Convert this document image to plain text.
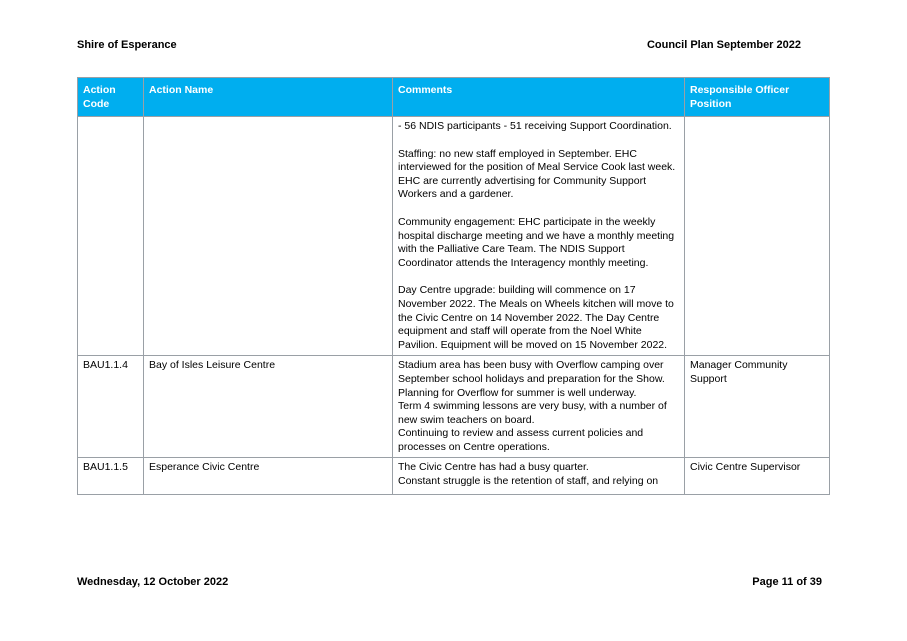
Shire of Esperance	Council Plan September 2022
Action Code	Action Name	Comments	Responsible Officer Position

		- 56 NDIS participants - 51 receiving Support Coordination.

Staffing: no new staff employed in September. EHC interviewed for the position of Meal Service Cook last week. EHC are currently advertising for Community Support Workers and a gardener.

Community engagement: EHC participate in the weekly hospital discharge meeting and we have a monthly meeting with the Palliative Care Team. The NDIS Support Coordinator attends the Interagency monthly meeting.

Day Centre upgrade: building will commence on 17 November 2022. The Meals on Wheels kitchen will move to the Civic Centre on 14 November 2022. The Day Centre equipment and staff will operate from the Noel White Pavilion. Equipment will be moved on 15 November 2022.	

BAU1.1.4	Bay of Isles Leisure Centre	Stadium area has been busy with Overflow camping over September school holidays and preparation for the Show. Planning for Overflow for summer is well underway.
Term 4 swimming lessons are very busy, with a number of new swim teachers on board.
Continuing to review and assess current policies and processes on Centre operations.	Manager Community Support
BAU1.1.5	Esperance Civic Centre	The Civic Centre has had a busy quarter.
Constant struggle is the retention of staff, and relying on	Civic Centre Supervisor
Wednesday, 12 October 2022	Page 11 of 39
